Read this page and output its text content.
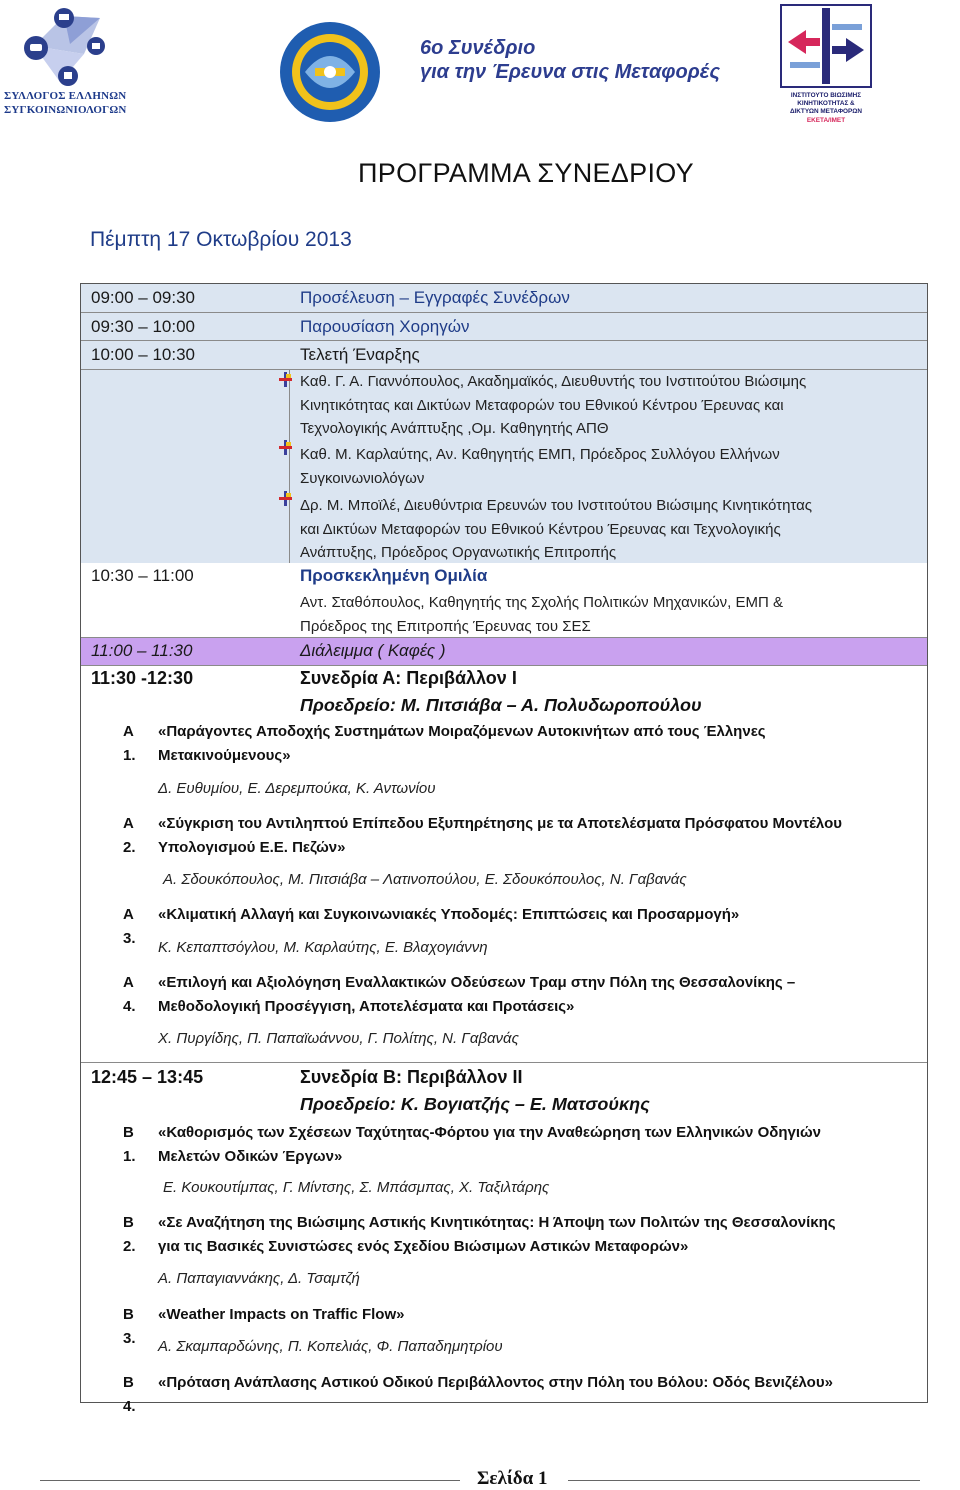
ΣΥΛΛΟΓΟΣ ΕΛΛΗΝΩΝ
ΣΥΓΚΟΙΝΩΝΙΟΛΟΓΩΝ
6ο Συνέδριο
για την Έρευνα στις Μεταφορές
ΙΝΣΤΙΤΟΥΤΟ ΒΙΩΣΙΜΗΣ
ΚΙΝΗΤΙΚΟΤΗΤΑΣ &
ΔΙΚΤΥΩΝ ΜΕΤΑΦΟΡΩΝ
ΕΚΕΤΑ/ΙΜΕΤ
ΠΡΟΓΡΑΜΜΑ ΣΥΝΕΔΡΙΟΥ
Πέμπτη 17 Οκτωβρίου 2013
09:00 – 09:30	Προσέλευση – Εγγραφές Συνέδρων
09:30 – 10:00	Παρουσίαση Χορηγών
10:00 – 10:30	Τελετή Έναρξης
Καθ. Γ. Α. Γιαννόπουλος, Ακαδημαϊκός, Διευθυντής του Ινστιτούτου Βιώσιμης
Κινητικότητας και Δικτύων Μεταφορών του Εθνικού Κέντρου Έρευνας και
Τεχνολογικής Ανάπτυξης ,Ομ. Καθηγητής ΑΠΘ
Καθ. Μ. Καρλαύτης, Αν. Καθηγητής ΕΜΠ, Πρόεδρος Συλλόγου Ελλήνων
Συγκοινωνιολόγων
Δρ. Μ. Μποϊλέ, Διευθύντρια Ερευνών του Ινστιτούτου Βιώσιμης Κινητικότητας
και Δικτύων Μεταφορών του Εθνικού Κέντρου Έρευνας και Τεχνολογικής
Ανάπτυξης, Πρόεδρος Οργανωτικής Επιτροπής
10:30 – 11:00	Προσκεκλημένη Ομιλία
Αντ. Σταθόπουλος, Καθηγητής της Σχολής Πολιτικών Μηχανικών, ΕΜΠ &
Πρόεδρος της Επιτροπής Έρευνας του ΣΕΣ
11:00 – 11:30	Διάλειμμα ( Καφές )
11:30 -12:30	Συνεδρία Α: Περιβάλλον Ι
Προεδρείο: Μ. Πιτσιάβα – Α. Πολυδωροπούλου
Α 1.
«Παράγοντες Αποδοχής Συστημάτων Μοιραζόμενων Αυτοκινήτων από τους Έλληνες
Μετακινούμενους»
Δ. Ευθυμίου, Ε. Δερεμπούκα, Κ. Αντωνίου
Α 2.
«Σύγκριση του Αντιληπτού Επίπεδου Εξυπηρέτησης με τα Αποτελέσματα Πρόσφατου Μοντέλου
Υπολογισμού Ε.Ε. Πεζών»
Α. Σδουκόπουλος, Μ. Πιτσιάβα – Λατινοπούλου, Ε. Σδουκόπουλος, Ν. Γαβανάς
Α 3.
«Κλιματική Αλλαγή και Συγκοινωνιακές Υποδομές: Επιπτώσεις και Προσαρμογή»
Κ. Κεπαπτσόγλου, Μ. Καρλαύτης, Ε. Βλαχογιάννη
Α 4.
«Επιλογή και Αξιολόγηση Εναλλακτικών Οδεύσεων Τραμ στην Πόλη της Θεσσαλονίκης –
Μεθοδολογική Προσέγγιση, Αποτελέσματα και Προτάσεις»
Χ. Πυργίδης, Π. Παπαϊωάννου, Γ. Πολίτης, Ν. Γαβανάς
12:45 – 13:45	Συνεδρία Β: Περιβάλλον ΙΙ
Προεδρείο: Κ. Βογιατζής – Ε. Ματσούκης
Β 1.
«Καθορισμός των Σχέσεων Ταχύτητας-Φόρτου για την Αναθεώρηση των Ελληνικών Οδηγιών
Μελετών Οδικών Έργων»
Ε. Κουκουτίμπας, Γ. Μίντσης, Σ. Μπάσμπας, Χ. Ταξιλτάρης
Β 2.
«Σε Αναζήτηση της Βιώσιμης Αστικής Κινητικότητας: Η Άποψη των Πολιτών της Θεσσαλονίκης
για τις Βασικές Συνιστώσες ενός Σχεδίου Βιώσιμων Αστικών Μεταφορών»
Α. Παπαγιαννάκης, Δ. Τσαμτζή
Β 3.
«Weather Impacts on Traffic Flow»
Α. Σκαμπαρδώνης, Π. Κοπελιάς, Φ. Παπαδημητρίου
Β 4.
«Πρόταση Ανάπλασης Αστικού Οδικού Περιβάλλοντος στην Πόλη του Βόλου: Οδός Βενιζέλου»
Σελίδα 1
